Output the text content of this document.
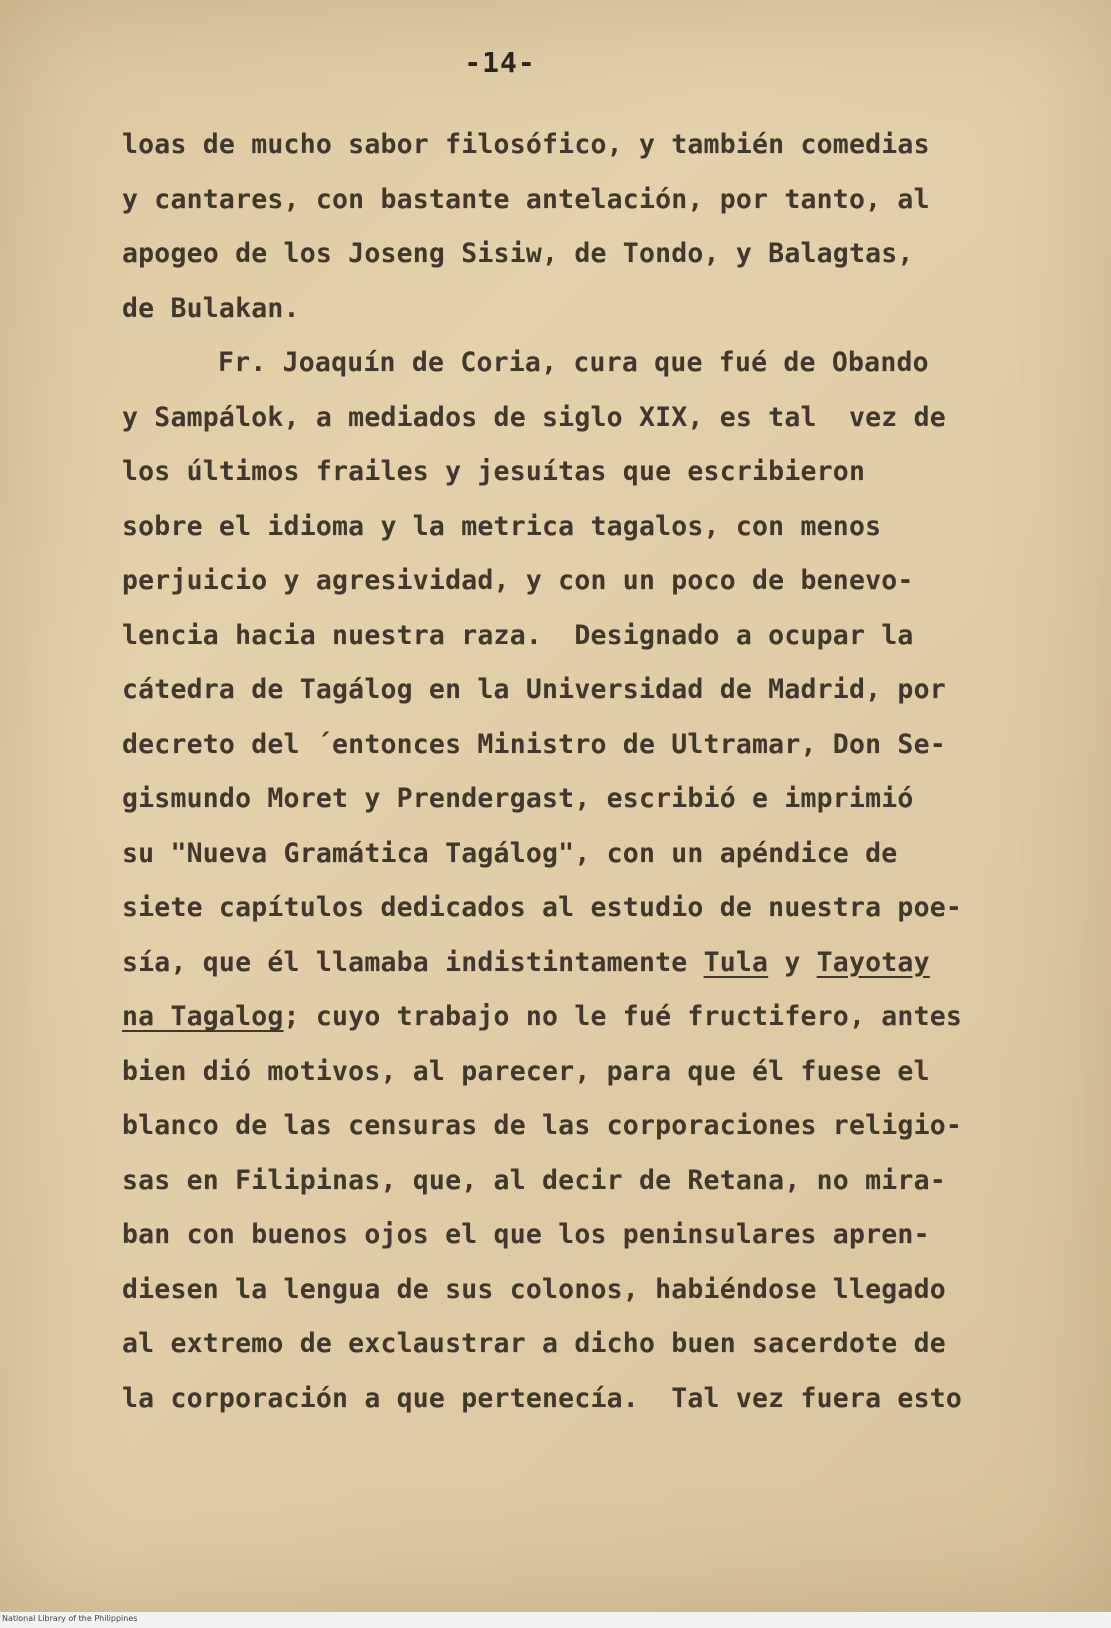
-14-
loas de mucho sabor filosófico, y también comedias
y cantares, con bastante antelación, por tanto, al
apogeo de los Joseng Sisiw, de Tondo, y Balagtas,
de Bulakan.
Fr. Joaquín de Coria, cura que fué de Obando
y Sampálok, a mediados de siglo XIX, es tal  vez de
los últimos frailes y jesuítas que escribieron
sobre el idioma y la metrica tagalos, con menos
perjuicio y agresividad, y con un poco de benevo-
lencia hacia nuestra raza.  Designado a ocupar la
cátedra de Tagálog en la Universidad de Madrid, por
decreto del ´entonces Ministro de Ultramar, Don Se-
gismundo Moret y Prendergast, escribió e imprimió
su "Nueva Gramática Tagálog", con un apéndice de
siete capítulos dedicados al estudio de nuestra poe-
sía, que él llamaba indistintamente Tula y Tayotay
na Tagalog; cuyo trabajo no le fué fructifero, antes
bien dió motivos, al parecer, para que él fuese el
blanco de las censuras de las corporaciones religio-
sas en Filipinas, que, al decir de Retana, no mira-
ban con buenos ojos el que los peninsulares apren-
diesen la lengua de sus colonos, habiéndose llegado
al extremo de exclaustrar a dicho buen sacerdote de
la corporación a que pertenecía.  Tal vez fuera esto
National Library of the Philippines
